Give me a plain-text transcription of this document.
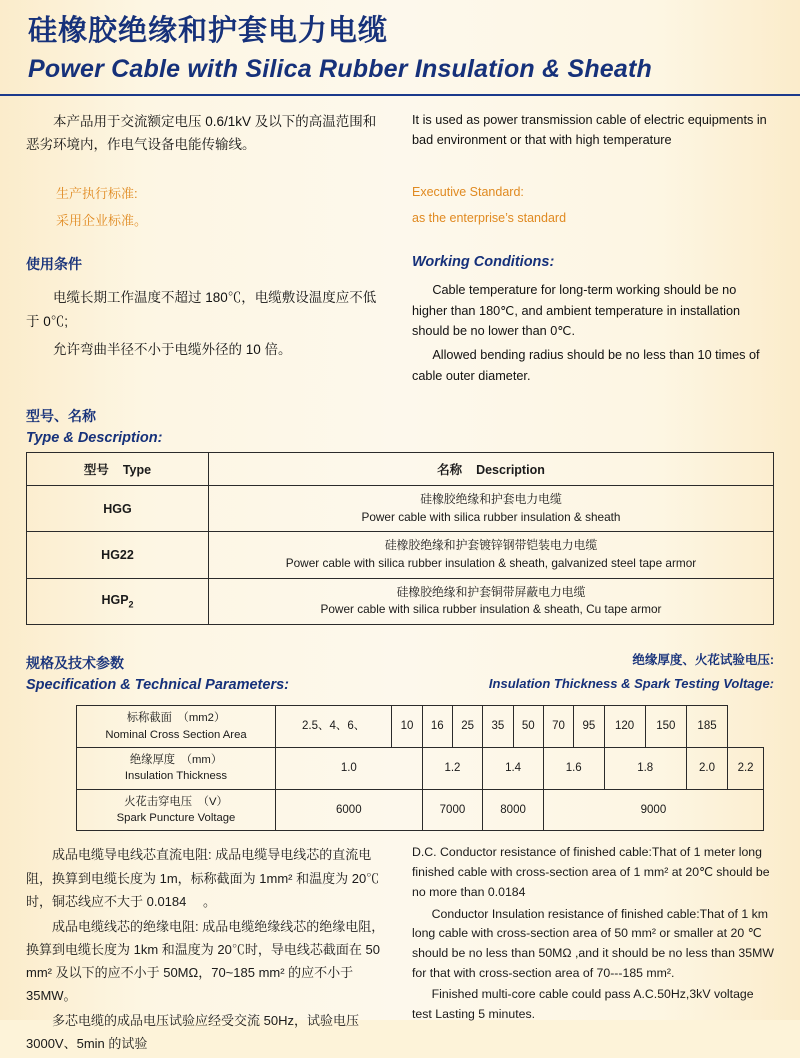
硅橡胶绝缘和护套电力电缆
Power Cable with Silica Rubber Insulation & Sheath

本产品用于交流额定电压 0.6/1kV 及以下的高温范围和恶劣环境内，作电气设备电能传输线。

生产执行标准:

采用企业标准。

It is used as power transmission cable of electric equipments in bad environment or that with high temperature

Executive Standard:

as the enterprise’s standard

使用条件

电缆长期工作温度不超过 180℃，电缆敷设温度应不低于 0℃;

允许弯曲半径不小于电缆外径的 10 倍。

Working Conditions:

Cable temperature for long-term working should be no higher than 180℃, and ambient temperature in installation should be no lower than 0℃.

Allowed bending radius should be no less than 10 times of cable outer diameter.

型号、名称

Type & Description:

型号 Type	名称 Description
HGG	硅橡胶绝缘和护套电力电缆
Power cable with silica rubber insulation & sheath

HG22	硅橡胶绝缘和护套镀锌钢带铠装电力电缆
Power cable with silica rubber insulation & sheath, galvanized steel tape armor

$HGP_2$	硅橡胶绝缘和护套铜带屏蔽电力电缆
Power cable with silica rubber insulation & sheath, Cu tape armor

规格及技术参数

Specification & Technical Parameters:

绝缘厚度、火花试验电压:

Insulation Thickness & Spark Testing Voltage:

标称截面　（mm2）
Nominal Cross Section Area	2.5、4、6、	10	16	25	35	50	70	95	120	150	185	

绝缘厚度　（mm）
Insulation Thickness	1.0		1.2		1.4		1.6		1.8		2.0	2.2

火花击穿电压　（V）
Spark Puncture Voltage	6000		7000		8000		9000					

成品电缆导电线芯直流电阻: 成品电缆导电线芯的直流电阻，换算到电缆长度为 1m，标称截面为 1mm² 和温度为 20℃时，铜芯线应不大于 0.0184 　。

成品电缆线芯的绝缘电阻: 成品电缆绝缘线芯的绝缘电阻，换算到电缆长度为 1km 和温度为 20℃时，导电线芯截面在 50 mm² 及以下的应不小于 50MΩ，70~185 mm² 的应不小于 35MW。

多芯电缆的成品电压试验应经受交流 50Hz，试验电压 3000V、5min 的试验

D.C. Conductor resistance of finished cable:That of 1 meter long finished cable with cross-section area of 1 mm² at 20℃ should be no more than 0.0184

Conductor Insulation resistance of finished cable:That of 1 km long cable with cross-section area of 50 mm² or smaller at 20 ℃ should be no less than 50MΩ ,and it should be no less than 35MW for that with cross-section area of 70---185 mm².

Finished multi-core cable could pass A.C.50Hz,3kV voltage test Lasting 5 minutes.
